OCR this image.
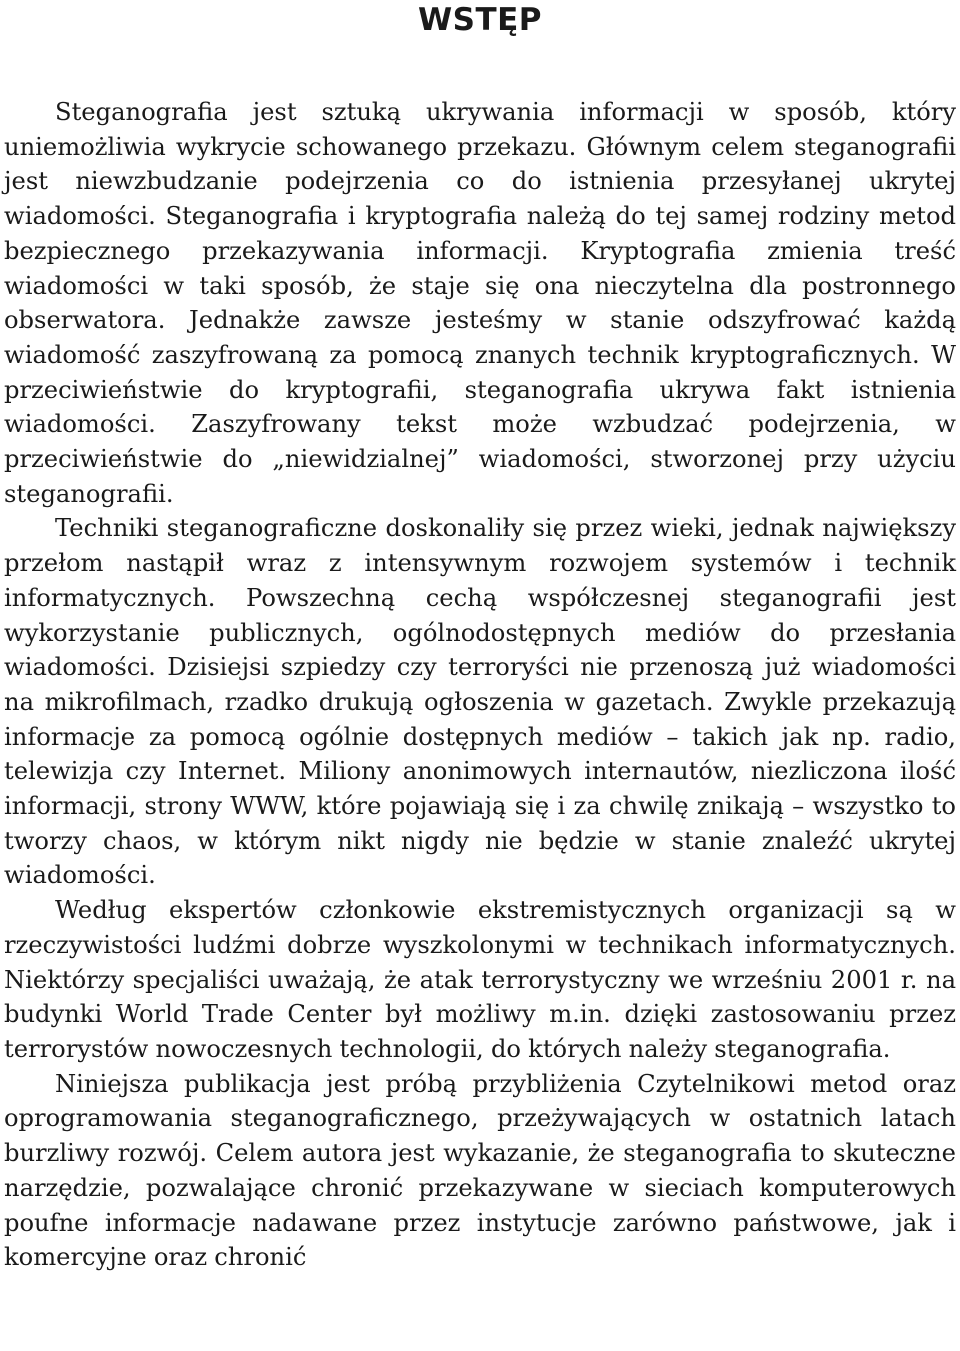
WSTĘP

Steganografia jest sztuką ukrywania informacji w sposób, który uniemożliwia wykrycie schowanego przekazu. Głównym celem steganografii jest niewzbudzanie podejrzenia co do istnienia przesyłanej ukrytej wiadomości. Steganografia i kryptografia należą do tej samej rodziny metod bezpiecznego przekazywania informacji. Kryptografia zmienia treść wiadomości w taki sposób, że staje się ona nieczytelna dla postronnego obserwatora. Jednakże zawsze jesteśmy w stanie odszyfrować każdą wiadomość zaszyfrowaną za pomocą znanych technik kryptograficznych. W przeciwieństwie do kryptografii, steganografia ukrywa fakt istnienia wiadomości. Zaszyfrowany tekst może wzbudzać podejrzenia, w przeciwieństwie do „niewidzialnej” wiadomości, stworzonej przy użyciu steganografii.

Techniki steganograficzne doskonaliły się przez wieki, jednak największy przełom nastąpił wraz z intensywnym rozwojem systemów i technik informatycznych. Powszechną cechą współczesnej steganografii jest wykorzystanie publicznych, ogólnodostępnych mediów do przesłania wiadomości. Dzisiejsi szpiedzy czy terroryści nie przenoszą już wiadomości na mikrofilmach, rzadko drukują ogłoszenia w gazetach. Zwykle przekazują informacje za pomocą ogólnie dostępnych mediów – takich jak np. radio, telewizja czy Internet. Miliony anonimowych internautów, niezliczona ilość informacji, strony WWW, które pojawiają się i za chwilę znikają – wszystko to tworzy chaos, w którym nikt nigdy nie będzie w stanie znaleźć ukrytej wiadomości.

Według ekspertów członkowie ekstremistycznych organizacji są w rzeczywistości ludźmi dobrze wyszkolonymi w technikach informatycznych. Niektórzy specjaliści uważają, że atak terrorystyczny we wrześniu 2001 r. na budynki World Trade Center był możliwy m.in. dzięki zastosowaniu przez terrorystów nowoczesnych technologii, do których należy steganografia.

Niniejsza publikacja jest próbą przybliżenia Czytelnikowi metod oraz oprogramowania steganograficznego, przeżywających w ostatnich latach burzliwy rozwój. Celem autora jest wykazanie, że steganografia to skuteczne narzędzie, pozwalające chronić przekazywane w sieciach komputerowych poufne informacje nadawane przez instytucje zarówno państwowe, jak i komercyjne oraz chronić
